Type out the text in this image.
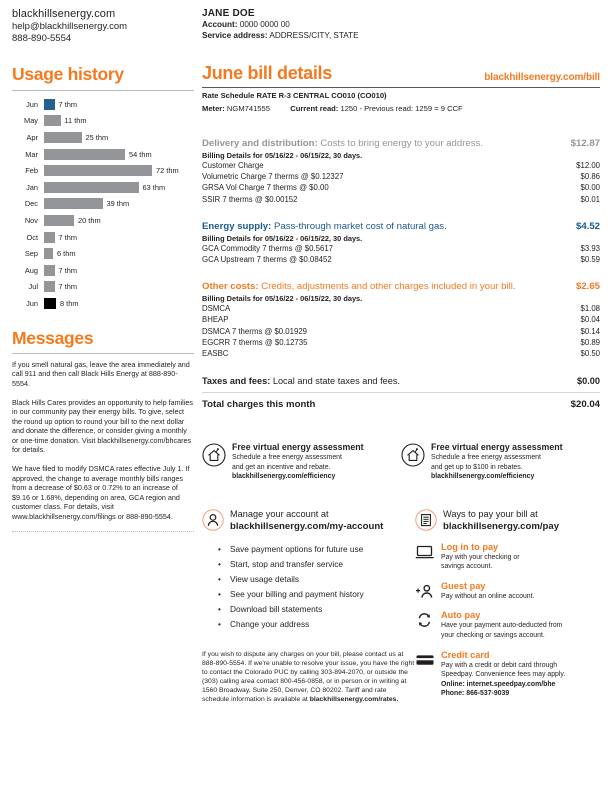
blackhillsenergy.com
help@blackhillsenergy.com
888-890-5554
Usage history
Jun	7 thm
May	11 thm
Apr	25 thm
Mar	54 thm
Feb	72 thm
Jan	63 thm
Dec	39 thm
Nov	20 thm
Oct	7 thm
Sep	6 thm
Aug	7 thm
Jul	7 thm
Jun	8 thm
Messages

If you smell natural gas, leave the area immediately and call 911 and then call Black Hills Energy at 888-890-5554.

Black Hills Cares provides an opportunity to help families in our community pay their energy bills. To give, select the round up option to round your bill to the next dollar and donate the difference, or consider giving a monthly or one-time donation. Visit blackhillsenergy.com/bhcares for details.

We have filed to modify DSMCA rates effective July 1. If approved, the change to average monthly bills ranges from a decrease of $0.63 or 0.72% to an increase of $9.16 or 1.68%, depending on area, GCA region and customer class. For details, visit www.blackhillsenergy.com/filings or 888-890-5554.

JANE DOE
Account: 0000 0000 00
Service address: ADDRESS/CITY, STATE
June bill details	blackhillsenergy.com/bill
Rate Schedule RATE R-3 CENTRAL CO010 (CO010)
Meter: NGM741555	Current read: 1250 - Previous read: 1259 = 9 CCF
Delivery and distribution: Costs to bring energy to your address.	$12.87
Billing Details for 05/16/22 - 06/15/22, 30 days.
Customer Charge	$12.00
Volumetric Charge 7 therms @ $0.12327	$0.86
GRSA Vol Charge 7 therms @ $0.00	$0.00
SSIR 7 therms @ $0.00152	$0.01
Energy supply: Pass-through market cost of natural gas.	$4.52
Billing Details for 05/16/22 - 06/15/22, 30 days.
GCA Commodity 7 therms @ $0.5617	$3.93
GCA Upstream 7 therms @ $0.08452	$0.59
Other costs: Credits, adjustments and other charges included in your bill.	$2.65
Billing Details for 05/16/22 - 06/15/22, 30 days.
DSMCA	$1.08
BHEAP	$0.04
DSMCA 7 therms @ $0.01929	$0.14
EGCRR 7 therms @ $0.12735	$0.89
EASBC	$0.50
Taxes and fees: Local and state taxes and fees.	$0.00
Total charges this month	$20.04
Free virtual energy assessment
Schedule a free energy assessment
and get an incentive and rebate.
blackhillsenergy.com/efficiency
Free virtual energy assessment
Schedule a free energy assessment
and get up to $100 in rebates.
blackhillsenergy.com/efficiency
Manage your account at
blackhillsenergy.com/my-account
• Save payment options for future use
• Start, stop and transfer service
• View usage details
• See your billing and payment history
• Download bill statements
• Change your address
If you wish to dispute any charges on your bill, please contact us at 888-890-5554. If we're unable to resolve your issue, you have the right to contact the Colorado PUC by calling 303-894-2070, or outside the (303) calling area contact 800-456-0858, or in person or in writing at 1560 Broadway, Suite 250, Denver, CO 80202. Tariff and rate schedule information is available at blackhillsenergy.com/rates.
Ways to pay your bill at
blackhillsenergy.com/pay
Log in to pay
Pay with your checking or
savings account.
Guest pay
Pay without an online account.
Auto pay
Have your payment auto-deducted from
your checking or savings account.
Credit card
Pay with a credit or debit card through
Speedpay. Convenience fees may apply.
Online: internet.speedpay.com/bhe
Phone: 866-537-9039
